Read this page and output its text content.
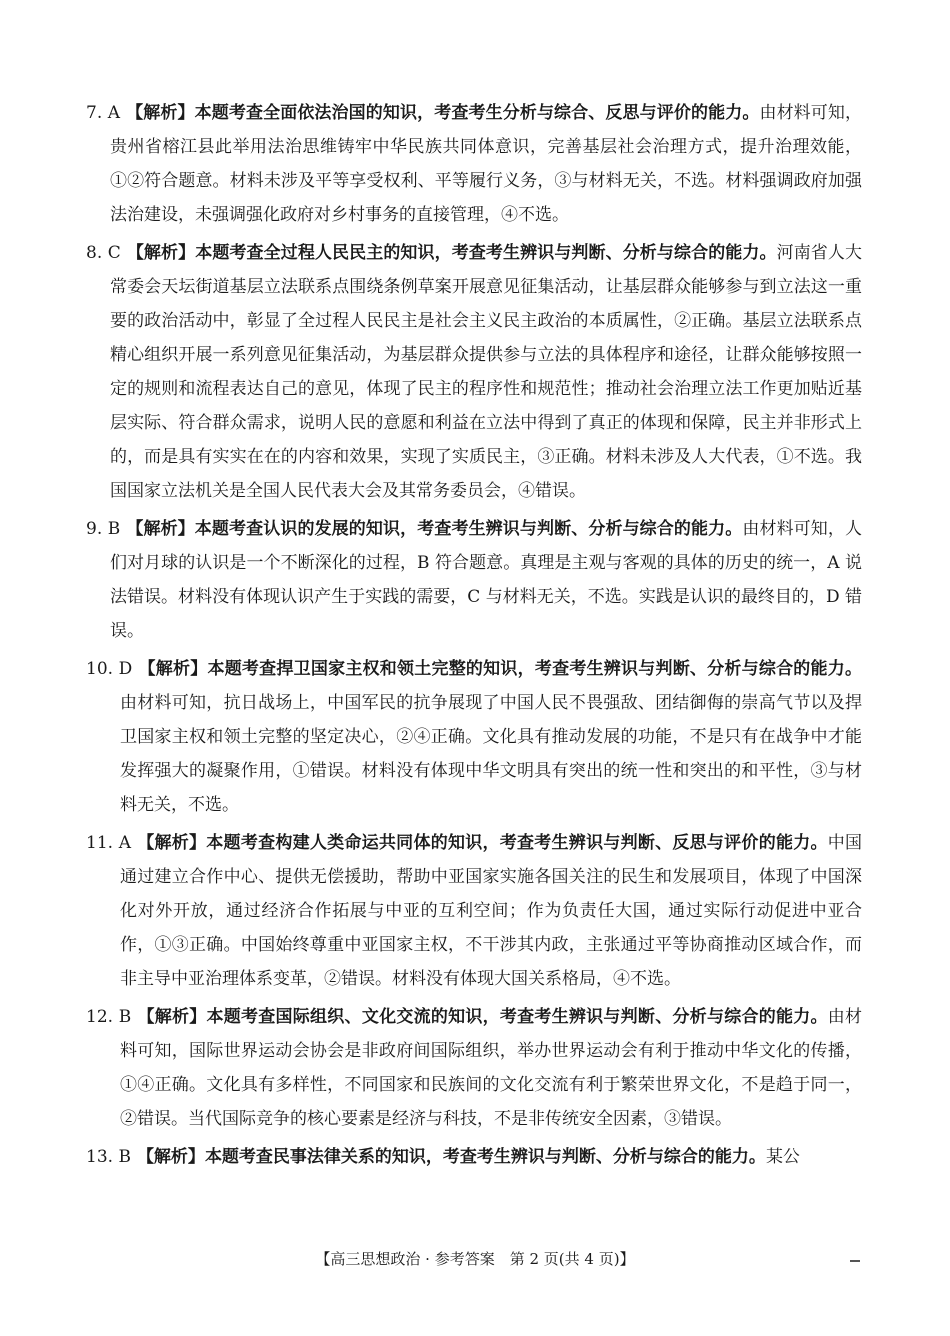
7. A 【解析】本题考查全面依法治国的知识，考查考生分析与综合、反思与评价的能力。由材料可知，贵州省榕江县此举用法治思维铸牢中华民族共同体意识，完善基层社会治理方式，提升治理效能，①②符合题意。材料未涉及平等享受权利、平等履行义务，③与材料无关，不选。材料强调政府加强法治建设，未强调强化政府对乡村事务的直接管理，④不选。

8. C 【解析】本题考查全过程人民民主的知识，考查考生辨识与判断、分析与综合的能力。河南省人大常委会天坛街道基层立法联系点围绕条例草案开展意见征集活动，让基层群众能够参与到立法这一重要的政治活动中，彰显了全过程人民民主是社会主义民主政治的本质属性，②正确。基层立法联系点精心组织开展一系列意见征集活动，为基层群众提供参与立法的具体程序和途径，让群众能够按照一定的规则和流程表达自己的意见，体现了民主的程序性和规范性；推动社会治理立法工作更加贴近基层实际、符合群众需求，说明人民的意愿和利益在立法中得到了真正的体现和保障，民主并非形式上的，而是具有实实在在的内容和效果，实现了实质民主，③正确。材料未涉及人大代表，①不选。我国国家立法机关是全国人民代表大会及其常务委员会，④错误。

9. B 【解析】本题考查认识的发展的知识，考查考生辨识与判断、分析与综合的能力。由材料可知，人们对月球的认识是一个不断深化的过程，B 符合题意。真理是主观与客观的具体的历史的统一，A 说法错误。材料没有体现认识产生于实践的需要，C 与材料无关，不选。实践是认识的最终目的，D 错误。

10. D 【解析】本题考查捍卫国家主权和领土完整的知识，考查考生辨识与判断、分析与综合的能力。由材料可知，抗日战场上，中国军民的抗争展现了中国人民不畏强敌、团结御侮的崇高气节以及捍卫国家主权和领土完整的坚定决心，②④正确。文化具有推动发展的功能，不是只有在战争中才能发挥强大的凝聚作用，①错误。材料没有体现中华文明具有突出的统一性和突出的和平性，③与材料无关，不选。

11. A 【解析】本题考查构建人类命运共同体的知识，考查考生辨识与判断、反思与评价的能力。中国通过建立合作中心、提供无偿援助，帮助中亚国家实施各国关注的民生和发展项目，体现了中国深化对外开放，通过经济合作拓展与中亚的互利空间；作为负责任大国，通过实际行动促进中亚合作，①③正确。中国始终尊重中亚国家主权，不干涉其内政，主张通过平等协商推动区域合作，而非主导中亚治理体系变革，②错误。材料没有体现大国关系格局，④不选。

12. B 【解析】本题考查国际组织、文化交流的知识，考查考生辨识与判断、分析与综合的能力。由材料可知，国际世界运动会协会是非政府间国际组织，举办世界运动会有利于推动中华文化的传播，①④正确。文化具有多样性，不同国家和民族间的文化交流有利于繁荣世界文化，不是趋于同一，②错误。当代国际竞争的核心要素是经济与科技，不是非传统安全因素，③错误。

13. B 【解析】本题考查民事法律关系的知识，考查考生辨识与判断、分析与综合的能力。某公

【高三思想政治 · 参考答案　第 2 页(共 4 页)】
